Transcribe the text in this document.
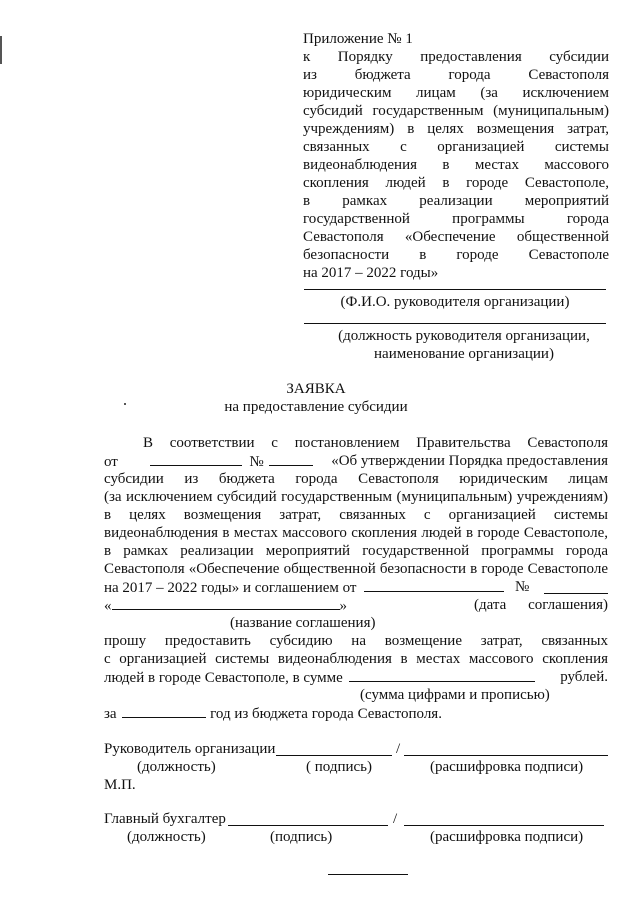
Приложение № 1
к Порядку предоставления субсидии
из бюджета города Севастополя
юридическим лицам (за исключением
субсидий государственным (муниципальным)
учреждениям) в целях возмещения затрат,
связанных с организацией системы
видеонаблюдения в местах массового
скопления людей в городе Севастополе,
в рамках реализации мероприятий
государственной программы города
Севастополя «Обеспечение общественной
безопасности в городе Севастополе
на 2017 – 2022 годы»
(Ф.И.О. руководителя организации)
(должность руководителя организации,
наименование организации)
ЗАЯВКА
на предоставление субсидии
В соответствии с постановлением Правительства Севастополя
от	№	«Об утверждении Порядка предоставления
субсидии из бюджета города Севастополя юридическим лицам
(за исключением субсидий государственным (муниципальным) учреждениям)
в целях возмещения затрат, связанных с организацией системы
видеонаблюдения в местах массового скопления людей в городе Севастополе,
в рамках реализации мероприятий государственной программы города
Севастополя «Обеспечение общественной безопасности в городе Севастополе
на 2017 – 2022 годы» и соглашением от	№
«	»	(дата соглашения)
(название соглашения)
прошу предоставить субсидию на возмещение затрат, связанных
с организацией системы видеонаблюдения в местах массового скопления
людей в городе Севастополе, в сумме	рублей.
(сумма цифрами и прописью)
за	год из бюджета города Севастополя.
Руководитель организации	/
(должность)	( подпись)	(расшифровка подписи)
М.П.
Главный бухгалтер	/
(должность)	(подпись)	(расшифровка подписи)
